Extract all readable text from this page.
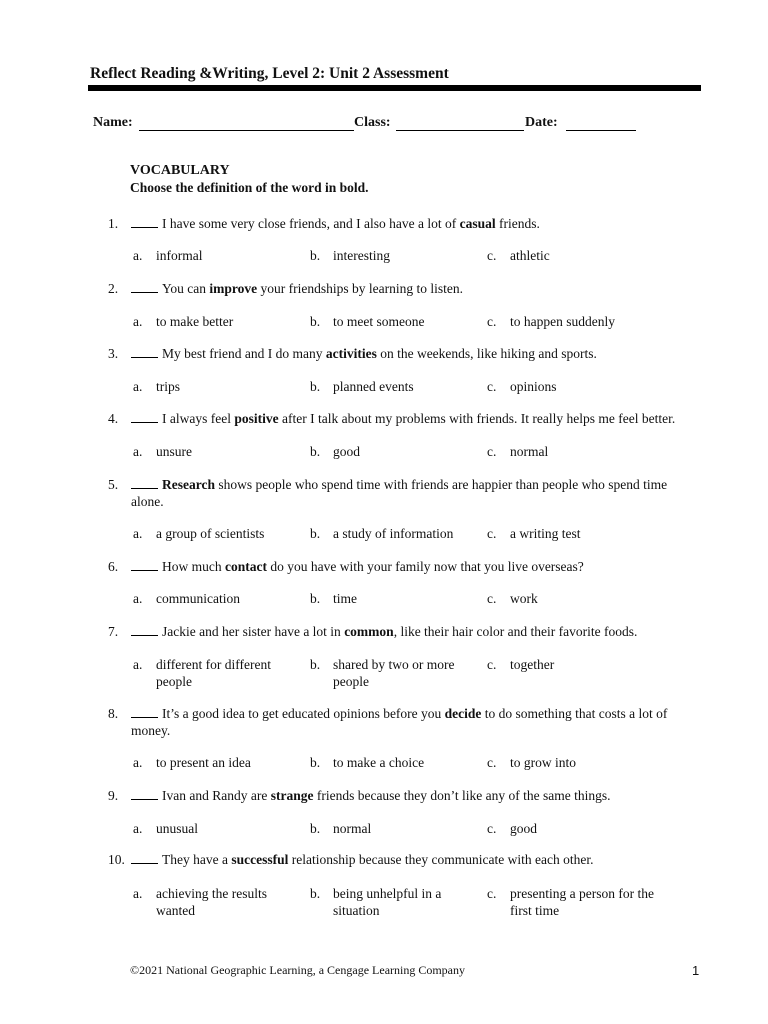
Reflect Reading &Writing, Level 2: Unit 2 Assessment
Name:	Class:	Date:
VOCABULARY
Choose the definition of the word in bold.
1.	I have some very close friends, and I also have a lot of casual friends.
a. informal	b. interesting	c. athletic
2.	You can improve your friendships by learning to listen.
a. to make better	b. to meet someone	c. to happen suddenly
3.	My best friend and I do many activities on the weekends, like hiking and sports.
a. trips	b. planned events	c. opinions
4.	I always feel positive after I talk about my problems with friends. It really helps me feel better.
a. unsure	b. good	c. normal
5.	Research shows people who spend time with friends are happier than people who spend time alone.
a. a group of scientists	b. a study of information	c. a writing test
6.	How much contact do you have with your family now that you live overseas?
a. communication	b. time	c. work
7.	Jackie and her sister have a lot in common, like their hair color and their favorite foods.
a. different for different people
b. shared by two or more people
c. together
8.	It’s a good idea to get educated opinions before you decide to do something that costs a lot of money.
a. to present an idea	b. to make a choice	c. to grow into
9.	Ivan and Randy are strange friends because they don’t like any of the same things.
a. unusual	b. normal	c. good
10.	They have a successful relationship because they communicate with each other.
a. achieving the results wanted
b. being unhelpful in a situation
c. presenting a person for the first time
©2021 National Geographic Learning, a Cengage Learning Company	1
